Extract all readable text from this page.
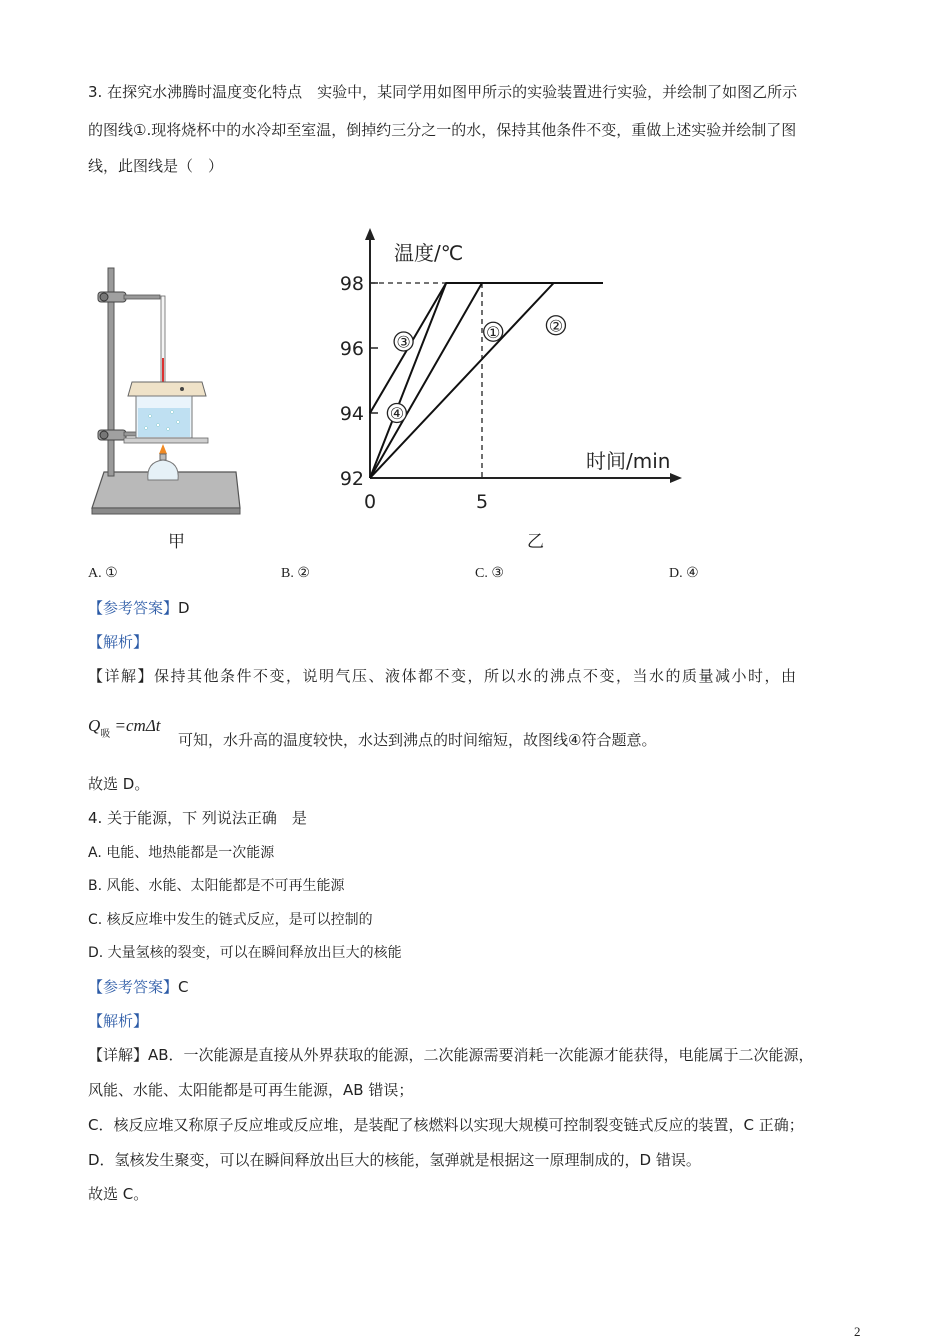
3. 在探究水沸腾时温度变化特点　实验中，某同学用如图甲所示的实验装置进行实验，并绘制了如图乙所示
的图线①.现将烧杯中的水冷却至室温，倒掉约三分之一的水，保持其他条件不变，重做上述实验并绘制了图
线，此图线是（　）
温度/℃
时间/min
92
94
96
98
0	5
①	②
③
④
甲	乙
A. ①	B. ②	C. ③	D. ④
【参考答案】D
【解析】
【详解】保持其他条件不变，说明气压、液体都不变，所以水的沸点不变，当水的质量减小时，由
$Q_吸 =cm\Delta t$
可知，水升高的温度较快，水达到沸点的时间缩短，故图线④符合题意。
故选 D。
4. 关于能源，下 列说法正确　是
A. 电能、地热能都是一次能源
B. 风能、水能、太阳能都是不可再生能源
C. 核反应堆中发生的链式反应，是可以控制的
D. 大量氢核的裂变，可以在瞬间释放出巨大的核能
【参考答案】C
【解析】
【详解】AB．一次能源是直接从外界获取的能源，二次能源需要消耗一次能源才能获得，电能属于二次能源，
风能、水能、太阳能都是可再生能源，AB 错误；
C．核反应堆又称原子反应堆或反应堆，是装配了核燃料以实现大规模可控制裂变链式反应的装置，C 正确；
D．氢核发生聚变，可以在瞬间释放出巨大的核能，氢弹就是根据这一原理制成的，D 错误。
故选 C。
2
